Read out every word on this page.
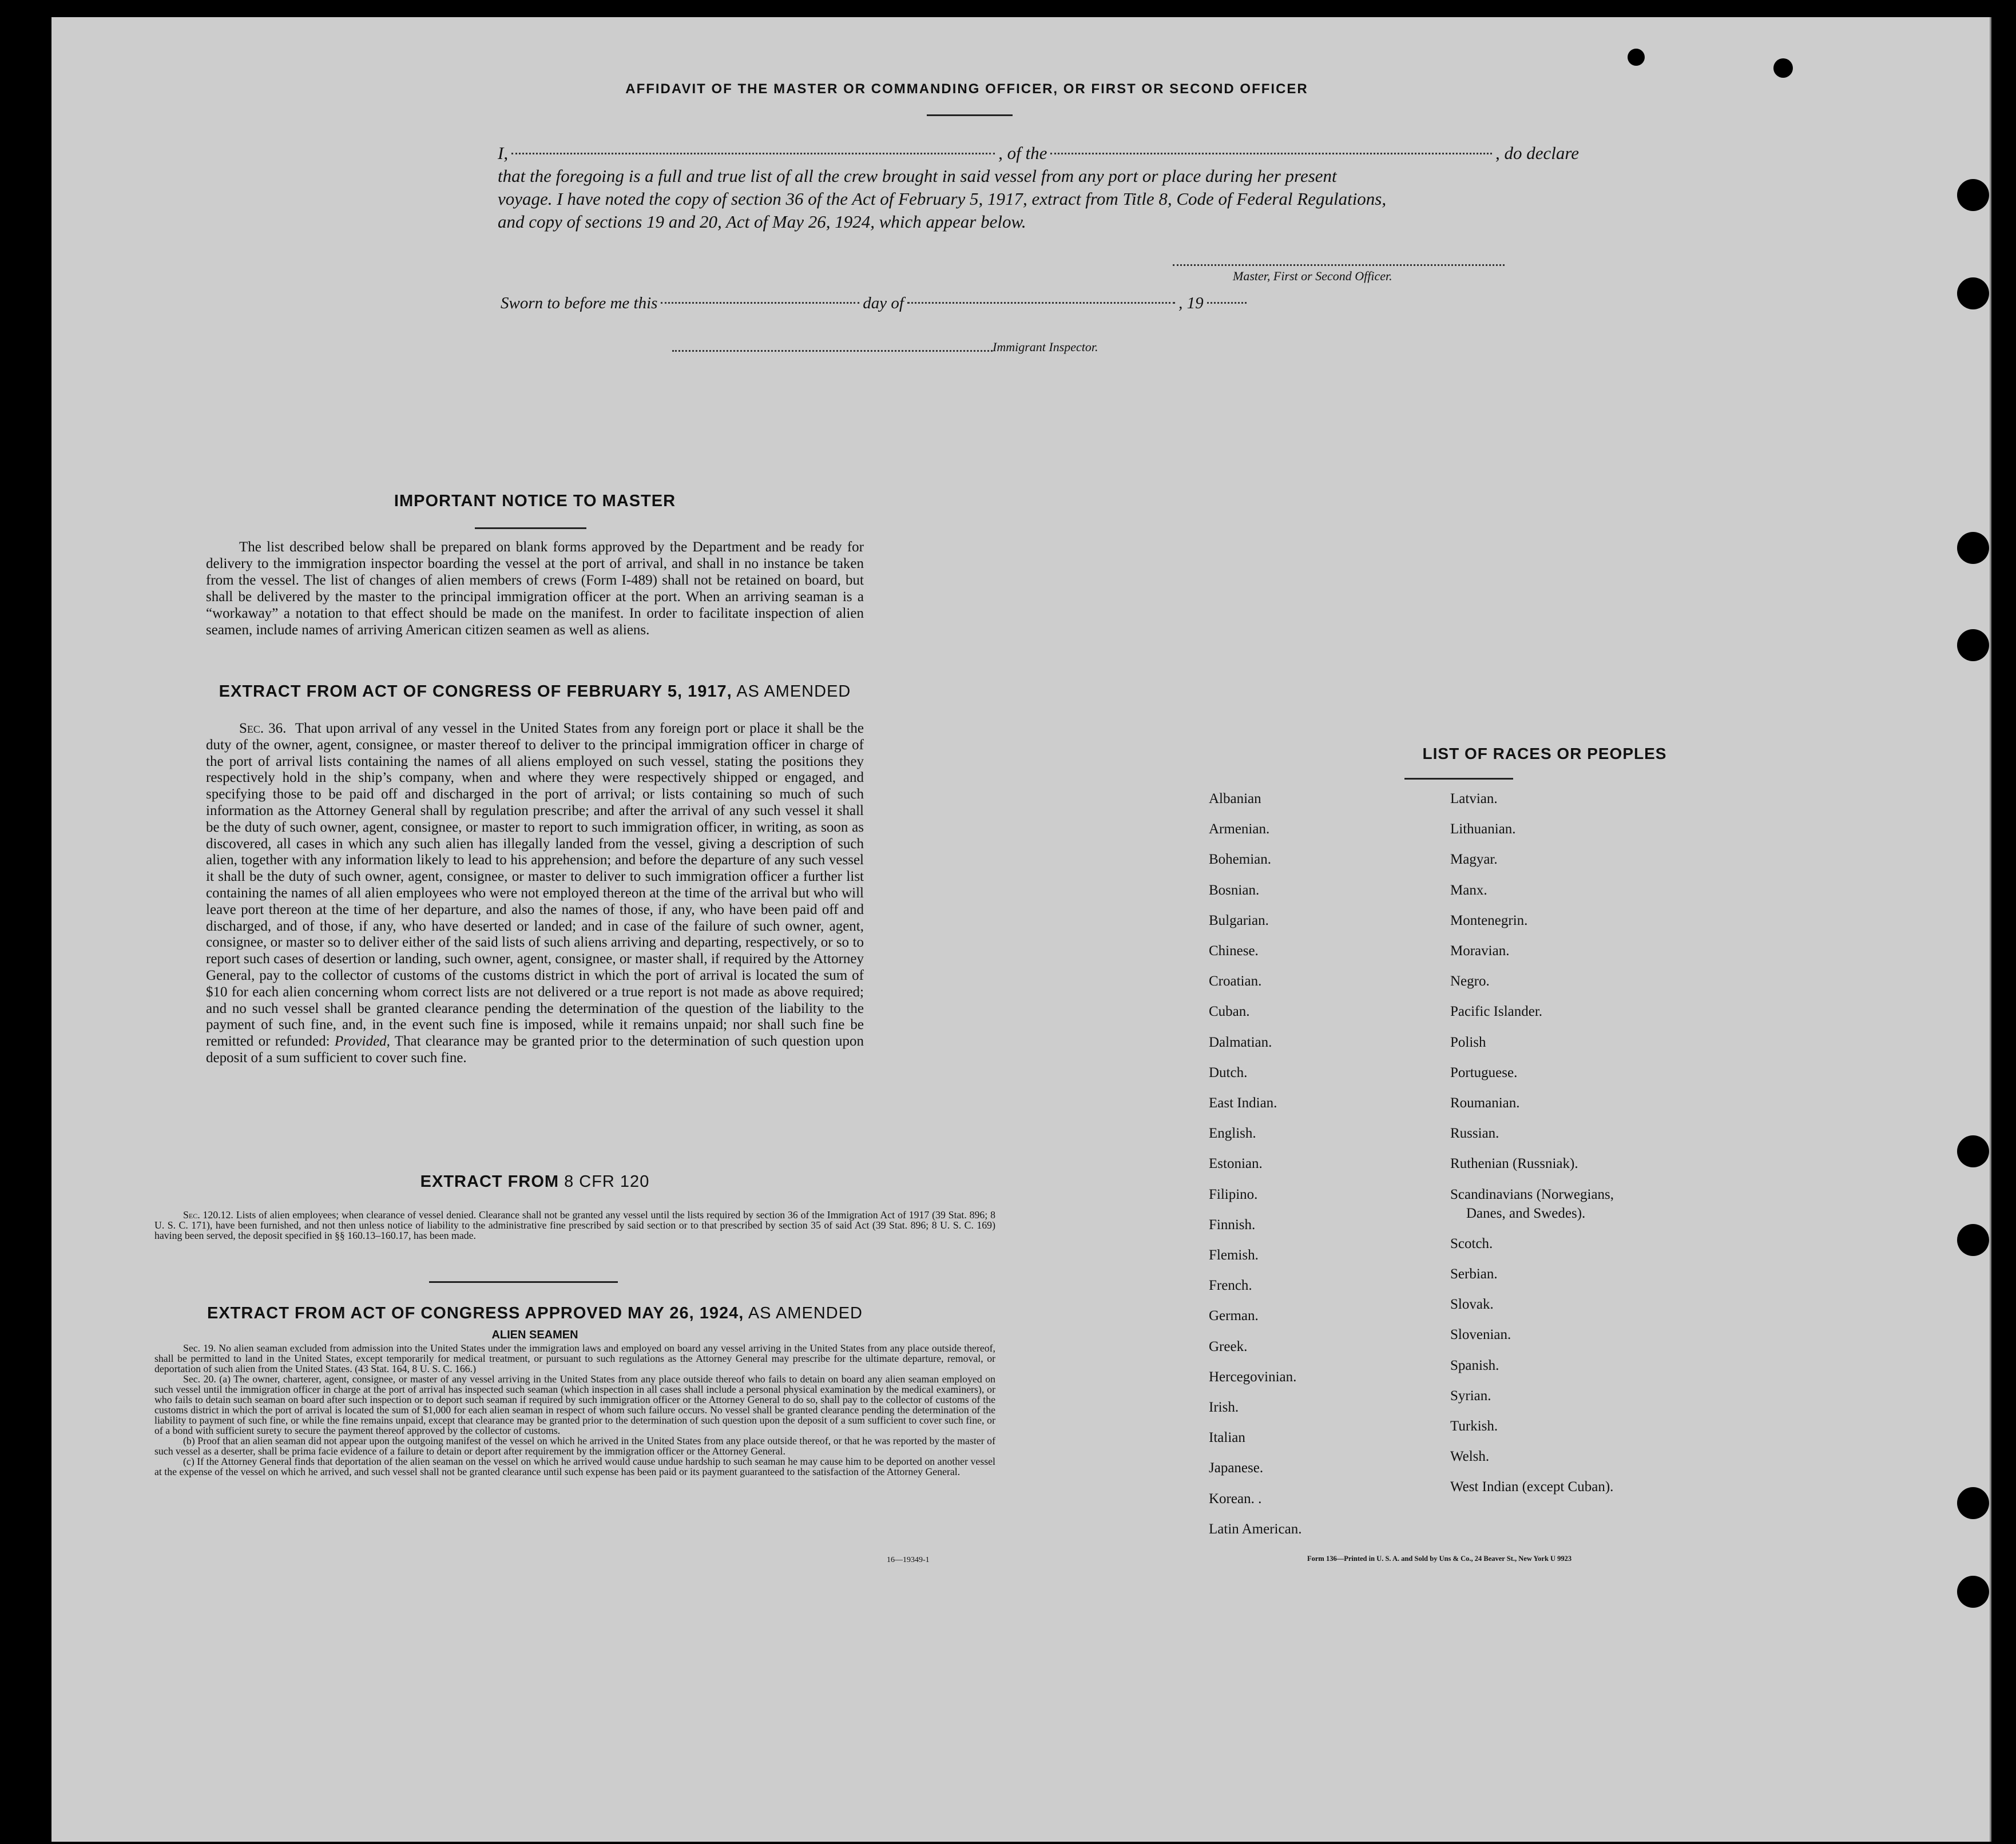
AFFIDAVIT OF THE MASTER OR COMMANDING OFFICER, OR FIRST OR SECOND OFFICER
I,	, of the	, do declare
that the foregoing is a full and true list of all the crew brought in said vessel from any port or place during her present
voyage. I have noted the copy of section 36 of the Act of February 5, 1917, extract from Title 8, Code of Federal Regulations,
and copy of sections 19 and 20, Act of May 26, 1924, which appear below.
Master, First or Second Officer.
Sworn to before me this	day of	, 19
Immigrant Inspector.
IMPORTANT NOTICE TO MASTER
The list described below shall be prepared on blank forms approved by the Department and be ready for delivery to the immigration inspector boarding the vessel at the port of arrival, and shall in no instance be taken from the vessel. The list of changes of alien members of crews (Form I-489) shall not be retained on board, but shall be delivered by the master to the principal immigration officer at the port. When an arriving seaman is a “workaway” a notation to that effect should be made on the manifest. In order to facilitate inspection of alien seamen, include names of arriving American citizen seamen as well as aliens.
EXTRACT FROM ACT OF CONGRESS OF FEBRUARY 5, 1917, AS AMENDED
Sec. 36. That upon arrival of any vessel in the United States from any foreign port or place it shall be the duty of the owner, agent, consignee, or master thereof to deliver to the principal immigration officer in charge of the port of arrival lists containing the names of all aliens employed on such vessel, stating the positions they respectively hold in the ship’s company, when and where they were respectively shipped or engaged, and specifying those to be paid off and discharged in the port of arrival; or lists containing so much of such information as the Attorney General shall by regulation prescribe; and after the arrival of any such vessel it shall be the duty of such owner, agent, consignee, or master to report to such immigration officer, in writing, as soon as discovered, all cases in which any such alien has illegally landed from the vessel, giving a description of such alien, together with any information likely to lead to his apprehension; and before the departure of any such vessel it shall be the duty of such owner, agent, consignee, or master to deliver to such immigration officer a further list containing the names of all alien employees who were not employed thereon at the time of the arrival but who will leave port thereon at the time of her departure, and also the names of those, if any, who have been paid off and discharged, and of those, if any, who have deserted or landed; and in case of the failure of such owner, agent, consignee, or master so to deliver either of the said lists of such aliens arriving and departing, respectively, or so to report such cases of desertion or landing, such owner, agent, consignee, or master shall, if required by the Attorney General, pay to the collector of customs of the customs district in which the port of arrival is located the sum of $10 for each alien concerning whom correct lists are not delivered or a true report is not made as above required; and no such vessel shall be granted clearance pending the determination of the question of the liability to the payment of such fine, and, in the event such fine is imposed, while it remains unpaid; nor shall such fine be remitted or refunded: Provided, That clearance may be granted prior to the determination of such question upon deposit of a sum sufficient to cover such fine.
EXTRACT FROM 8 CFR 120

Sec. 120.12. Lists of alien employees; when clearance of vessel denied. Clearance shall not be granted any vessel until the lists required by section 36 of the Immigration Act of 1917 (39 Stat. 896; 8 U. S. C. 171), have been furnished, and not then unless notice of liability to the administrative fine prescribed by said section or to that prescribed by section 35 of said Act (39 Stat. 896; 8 U. S. C. 169) having been served, the deposit specified in §§ 160.13–160.17, has been made.

EXTRACT FROM ACT OF CONGRESS APPROVED MAY 26, 1924, AS AMENDED
ALIEN SEAMEN

Sec. 19. No alien seaman excluded from admission into the United States under the immigration laws and employed on board any vessel arriving in the United States from any place outside thereof, shall be permitted to land in the United States, except temporarily for medical treatment, or pursuant to such regulations as the Attorney General may prescribe for the ultimate departure, removal, or deportation of such alien from the United States. (43 Stat. 164, 8 U. S. C. 166.)

Sec. 20. (a) The owner, charterer, agent, consignee, or master of any vessel arriving in the United States from any place outside thereof who fails to detain on board any alien seaman employed on such vessel until the immigration officer in charge at the port of arrival has inspected such seaman (which inspection in all cases shall include a personal physical examination by the medical examiners), or who fails to detain such seaman on board after such inspection or to deport such seaman if required by such immigration officer or the Attorney General to do so, shall pay to the collector of customs of the customs district in which the port of arrival is located the sum of $1,000 for each alien seaman in respect of whom such failure occurs. No vessel shall be granted clearance pending the determination of the liability to payment of such fine, or while the fine remains unpaid, except that clearance may be granted prior to the determination of such question upon the deposit of a sum sufficient to cover such fine, or of a bond with sufficient surety to secure the payment thereof approved by the collector of customs.

(b) Proof that an alien seaman did not appear upon the outgoing manifest of the vessel on which he arrived in the United States from any place outside thereof, or that he was reported by the master of such vessel as a deserter, shall be prima facie evidence of a failure to detain or deport after requirement by the immigration officer or the Attorney General.

(c) If the Attorney General finds that deportation of the alien seaman on the vessel on which he arrived would cause undue hardship to such seaman he may cause him to be deported on another vessel at the expense of the vessel on which he arrived, and such vessel shall not be granted clearance until such expense has been paid or its payment guaranteed to the satisfaction of the Attorney General.

16—19349-1
LIST OF RACES OR PEOPLES
Albanian
Armenian.
Bohemian.
Bosnian.
Bulgarian.
Chinese.
Croatian.
Cuban.
Dalmatian.
Dutch.
East Indian.
English.
Estonian.
Filipino.
Finnish.
Flemish.
French.
German.
Greek.
Hercegovinian.
Irish.
Italian
Japanese.
Korean. .
Latin American.
Latvian.
Lithuanian.
Magyar.
Manx.
Montenegrin.
Moravian.
Negro.
Pacific Islander.
Polish
Portuguese.
Roumanian.
Russian.
Ruthenian (Russniak).
Scandinavians (Norwegians,
Danes, and Swedes).
Scotch.
Serbian.
Slovak.
Slovenian.
Spanish.
Syrian.
Turkish.
Welsh.
West Indian (except Cuban).
Form 136—Printed in U. S. A. and Sold by Uns & Co., 24 Beaver St., New York U 9923
